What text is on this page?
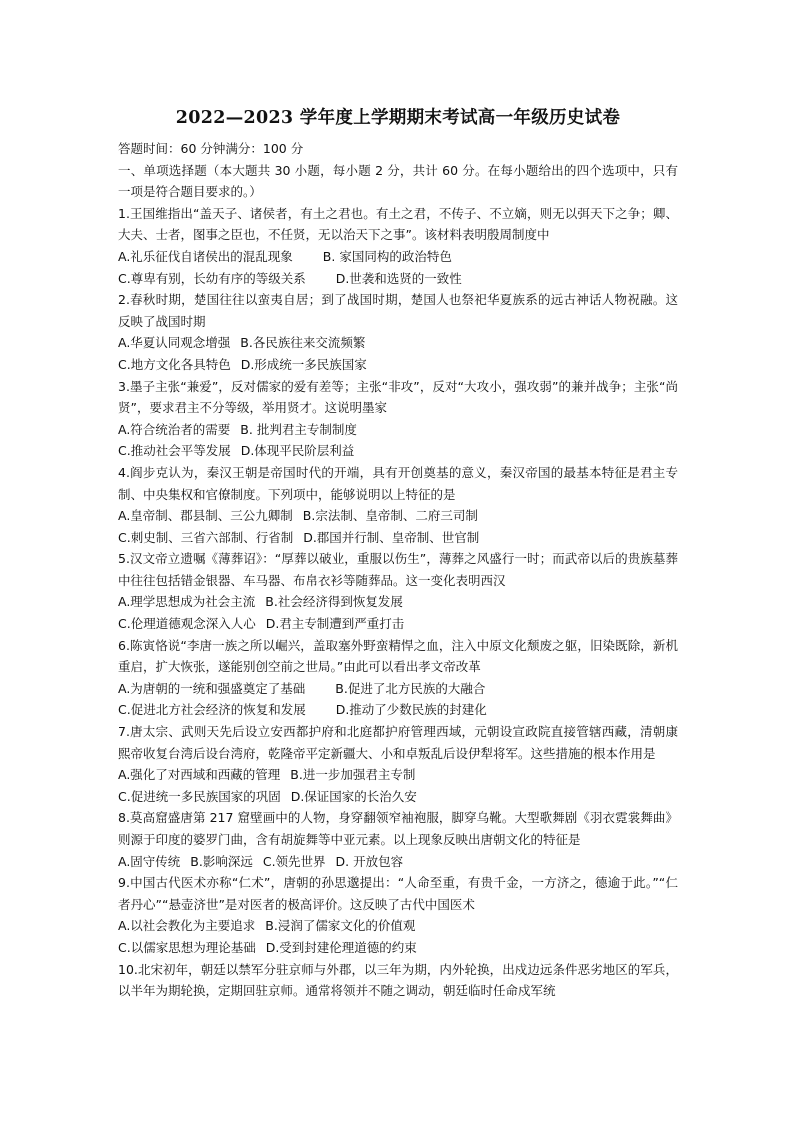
2022—2023 学年度上学期期末考试高一年级历史试卷
答题时间：60 分钟满分：100 分
一、单项选择题（本大题共 30 小题，每小题 2 分，共计 60 分。在每小题给出的四个选项中，只有一项是符合题目要求的。）
1.王国维指出“盖天子、诸侯者，有土之君也。有土之君，不传子、不立嫡，则无以弭天下之争；卿、大夫、士者，图事之臣也，不任贤，无以治天下之事”。该材料表明殷周制度中
A.礼乐征伐自诸侯出的混乱现象 B. 家国同构的政治特色
C.尊卑有别，长幼有序的等级关系 D.世袭和选贤的一致性
2.春秋时期，楚国往往以蛮夷自居；到了战国时期，楚国人也祭祀华夏族系的远古神话人物祝融。这反映了战国时期
A.华夏认同观念增强 B.各民族往来交流频繁
C.地方文化各具特色 D.形成统一多民族国家
3.墨子主张“兼爱”，反对儒家的爱有差等；主张“非攻”，反对“大攻小，强攻弱”的兼并战争；主张“尚贤”，要求君主不分等级，举用贤才。这说明墨家
A.符合统治者的需要 B. 批判君主专制制度
C.推动社会平等发展 D.体现平民阶层利益
4.阎步克认为，秦汉王朝是帝国时代的开端，具有开创奠基的意义，秦汉帝国的最基本特征是君主专制、中央集权和官僚制度。下列项中，能够说明以上特征的是
A.皇帝制、郡县制、三公九卿制 B.宗法制、皇帝制、二府三司制
C.刺史制、三省六部制、行省制 D.郡国并行制、皇帝制、世官制
5.汉文帝立遗嘱《薄葬诏》：“厚葬以破业，重服以伤生”，薄葬之风盛行一时；而武帝以后的贵族墓葬中往往包括错金银器、车马器、布帛衣衫等随葬品。这一变化表明西汉
A.理学思想成为社会主流 B.社会经济得到恢复发展
C.伦理道德观念深入人心 D.君主专制遭到严重打击
6.陈寅恪说“李唐一族之所以崛兴，盖取塞外野蛮精悍之血，注入中原文化颓废之躯，旧染既除，新机重启，扩大恢张，遂能别创空前之世局。”由此可以看出孝文帝改革
A.为唐朝的一统和强盛奠定了基础 B.促进了北方民族的大融合
C.促进北方社会经济的恢复和发展 D.推动了少数民族的封建化
7.唐太宗、武则天先后设立安西都护府和北庭都护府管理西域，元朝设宣政院直接管辖西藏，清朝康熙帝收复台湾后设台湾府，乾隆帝平定新疆大、小和卓叛乱后设伊犁将军。这些措施的根本作用是
A.强化了对西域和西藏的管理 B.进一步加强君主专制
C.促进统一多民族国家的巩固 D.保证国家的长治久安
8.莫高窟盛唐第 217 窟壁画中的人物，身穿翻领窄袖袍服，脚穿乌靴。大型歌舞剧《羽衣霓裳舞曲》则源于印度的婆罗门曲，含有胡旋舞等中亚元素。以上现象反映出唐朝文化的特征是
A.固守传统 B.影响深远 C.领先世界 D. 开放包容
9.中国古代医术亦称“仁术”，唐朝的孙思邈提出：“人命至重，有贵千金，一方济之，德逾于此。”“仁者丹心”“悬壶济世”是对医者的极高评价。这反映了古代中国医术
A.以社会教化为主要追求 B.浸润了儒家文化的价值观
C.以儒家思想为理论基础 D.受到封建伦理道德的约束
10.北宋初年，朝廷以禁军分驻京师与外郡，以三年为期，内外轮换，出戍边远条件恶劣地区的军兵，以半年为期轮换，定期回驻京师。通常将领并不随之调动，朝廷临时任命戍军统
